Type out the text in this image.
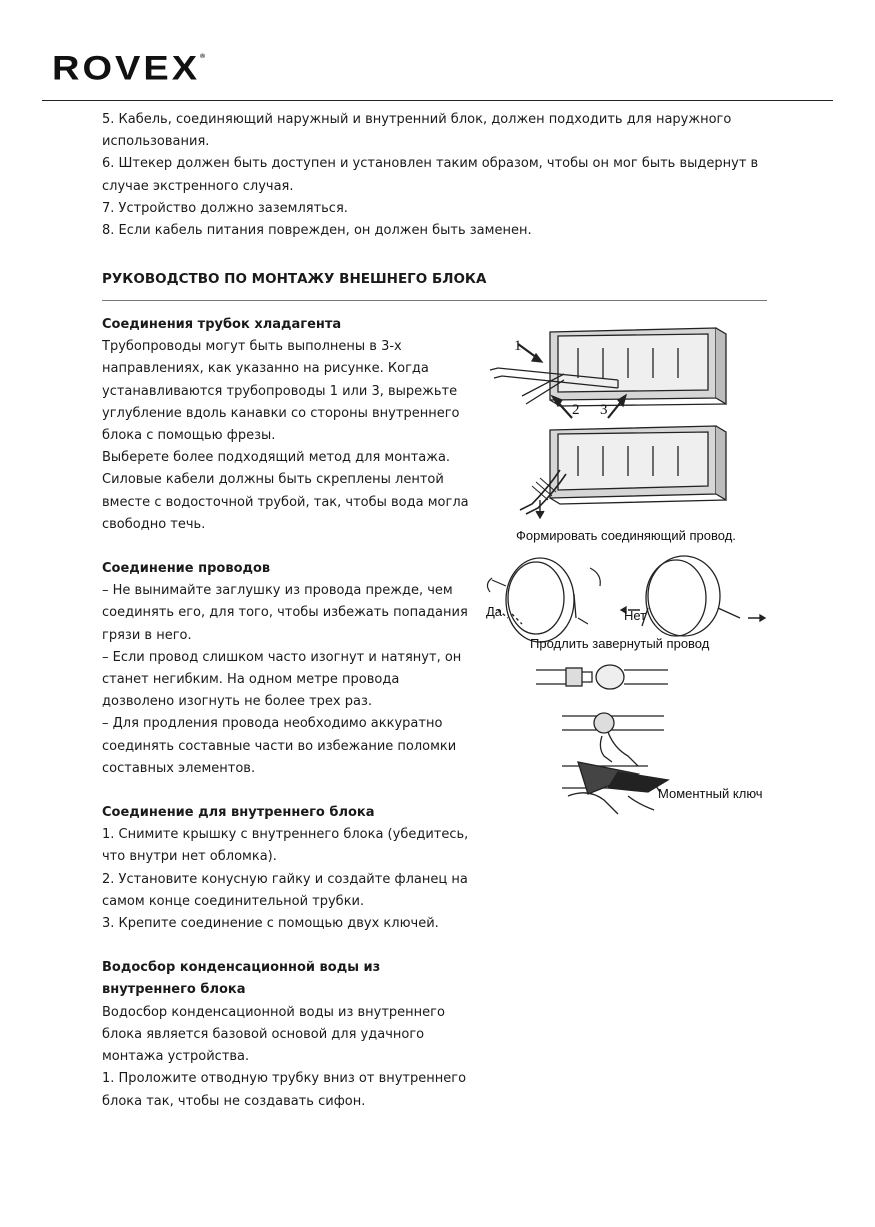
ROVEX®
5. Кабель, соединяющий наружный и внутренний блок, должен подходить для наружного использования.
6. Штекер должен быть доступен и установлен таким образом, чтобы он мог быть выдернут в случае экстренного случая.
7. Устройство должно заземляться.
8. Если кабель питания поврежден, он должен быть заменен.
РУКОВОДСТВО ПО МОНТАЖУ ВНЕШНЕГО БЛОКА
Соединения трубок хладагента

Трубопроводы могут быть выполнены в 3-х направлениях, как указанно на рисунке. Когда устанавливаются трубопроводы 1 или 3, вырежьте углубление вдоль канавки со стороны внутреннего блока с помощью фрезы.

Выберете более подходящий метод для монтажа. Силовые кабели должны быть скреплены лентой вместе с водосточной трубой, так, чтобы вода могла свободно течь.

Соединение проводов

– Не вынимайте заглушку из провода прежде, чем соединять его, для того, чтобы избежать попадания грязи в него.

– Если провод слишком часто изогнут и натянут, он станет негибким. На одном метре провода дозволено изогнуть не более трех раз.

– Для продления провода необходимо аккуратно соединять составные части во избежание поломки составных элементов.

Соединение для внутреннего блока

1. Снимите крышку с внутреннего блока (убедитесь, что внутри нет обломка).

2. Установите конусную гайку и создайте фланец на самом конце соединительной трубки.

3. Крепите соединение с помощью двух ключей.

Водосбор конденсационной воды из внутреннего блока

Водосбор конденсационной воды из внутреннего блока является базовой основой для удачного монтажа устройства.

1. Проложите отводную трубку вниз от внутреннего блока так, чтобы не создавать сифон.

1
2 3
Формировать соединяющий провод.
Да	Нет
Продлить завернутый провод
Моментный ключ
